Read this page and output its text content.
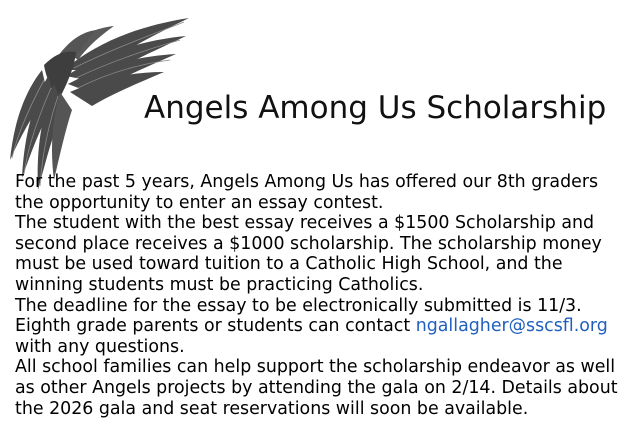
Angels Among Us Scholarship

For the past 5 years, Angels Among Us has offered our 8th graders the opportunity to enter an essay contest.

The student with the best essay receives a $1500 Scholarship and second place receives a $1000 scholarship. The scholarship money must be used toward tuition to a Catholic High School, and the winning students must be practicing Catholics.

The deadline for the essay to be electronically submitted is 11/3. Eighth grade parents or students can contact ngallagher@sscsfl.org with any questions.

All school families can help support the scholarship endeavor as well as other Angels projects by attending the gala on 2/14. Details about the 2026 gala and seat reservations will soon be available.
